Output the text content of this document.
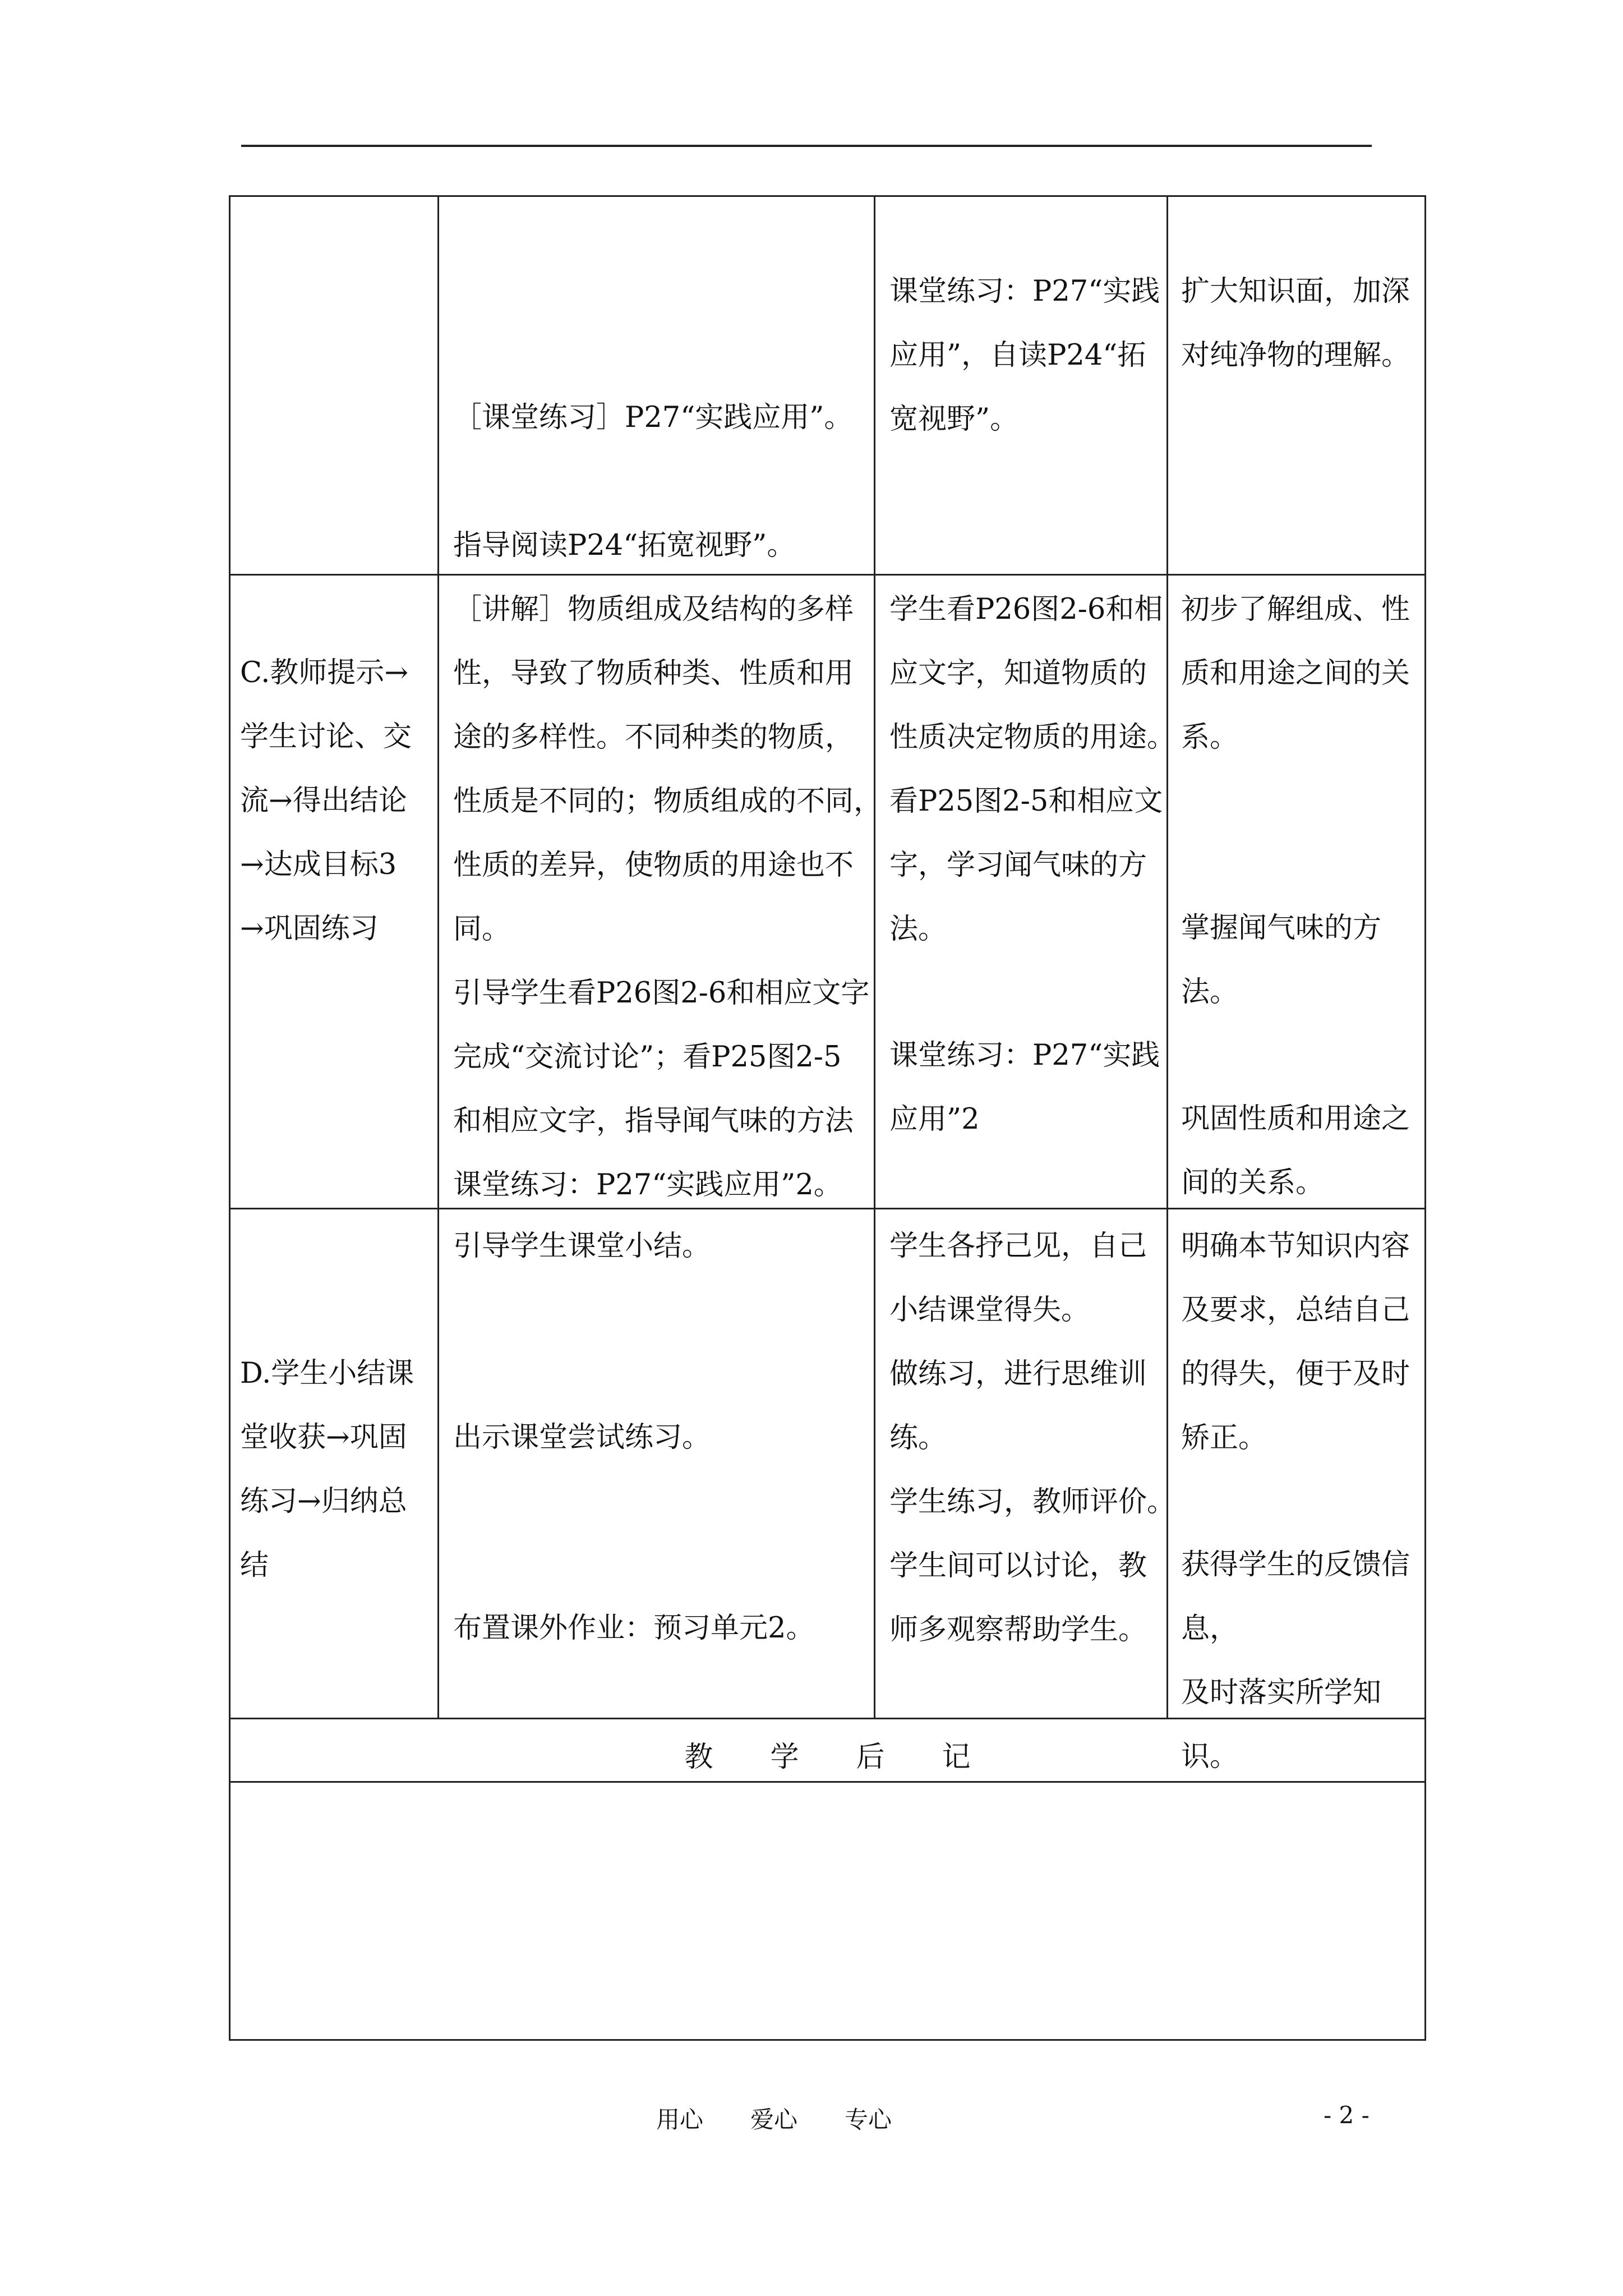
［课堂练习］P27“实践应用”。
指导阅读P24“拓宽视野”。
课堂练习：P27“实践
应用”，自读P24“拓
宽视野”。
扩大知识面，加深
对纯净物的理解。
C.教师提示→
学生讨论、交
流→得出结论
→达成目标3
→巩固练习
［讲解］物质组成及结构的多样
性，导致了物质种类、性质和用
途的多样性。不同种类的物质，
性质是不同的；物质组成的不同，
性质的差异，使物质的用途也不
同。
引导学生看P26图2-6和相应文字
完成“交流讨论”；看P25图2-5
和相应文字，指导闻气味的方法
课堂练习：P27“实践应用”2。
学生看P26图2-6和相
应文字，知道物质的
性质决定物质的用途。
看P25图2-5和相应文
字，学习闻气味的方
法。
课堂练习：P27“实践
应用”2
初步了解组成、性
质和用途之间的关
系。
掌握闻气味的方法。
巩固性质和用途之
间的关系。
D.学生小结课
堂收获→巩固
练习→归纳总
结
引导学生课堂小结。
出示课堂尝试练习。
布置课外作业：预习单元2。
学生各抒己见，自己
小结课堂得失。
做练习，进行思维训
练。
学生练习，教师评价。
学生间可以讨论，教
师多观察帮助学生。
明确本节知识内容
及要求，总结自己
的得失，便于及时
矫正。
获得学生的反馈信
息，
及时落实所学知识。
教　　学　　后　　记
用心　　爱心　　专心	- 2 -
